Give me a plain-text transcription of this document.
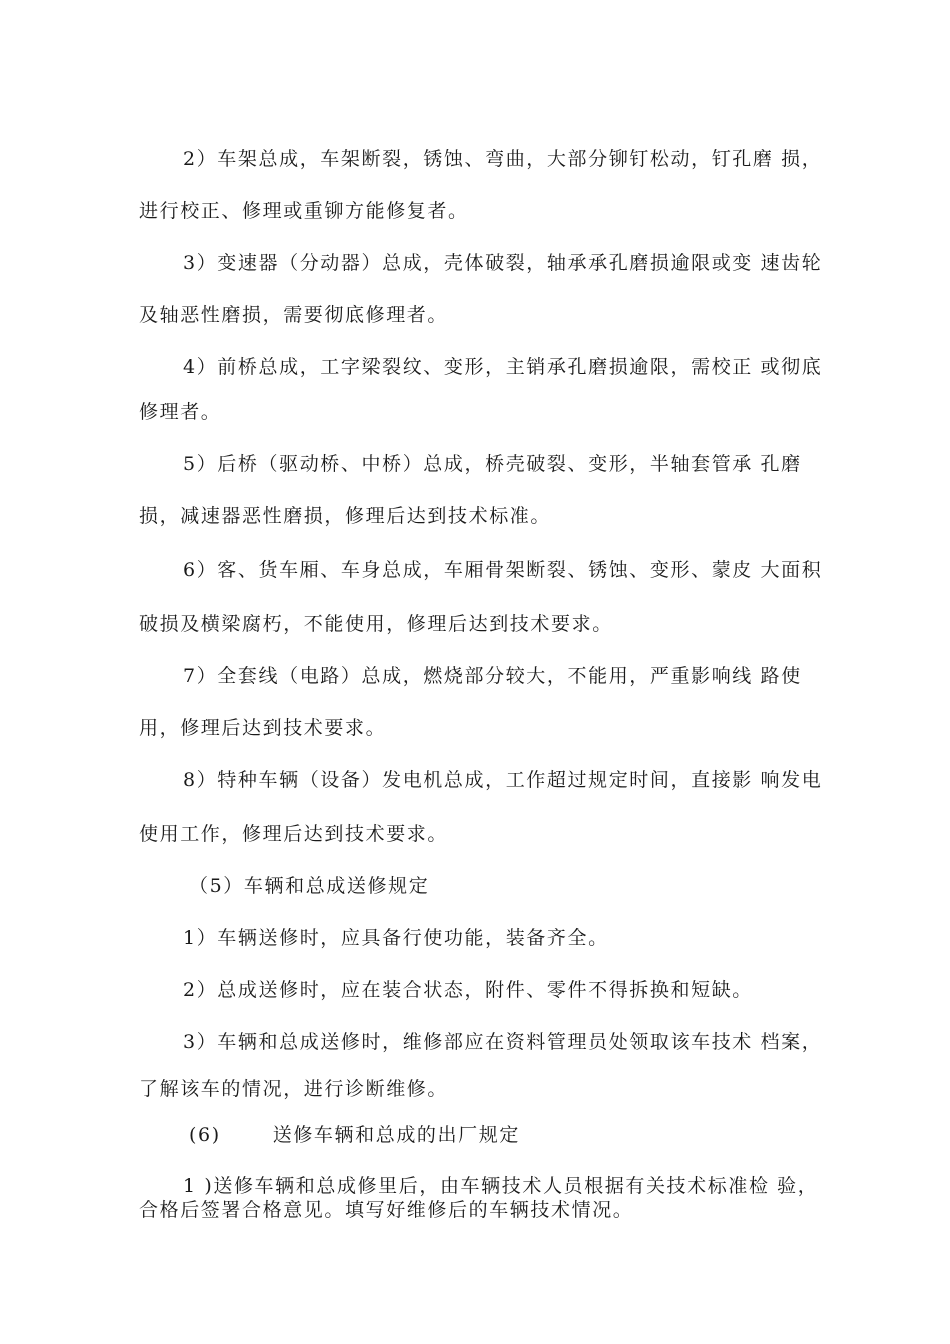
2）车架总成，车架断裂，锈蚀、弯曲，大部分铆钉松动，钉孔磨 损，

进行校正、修理或重铆方能修复者。

3）变速器（分动器）总成，壳体破裂，轴承承孔磨损逾限或变 速齿轮

及轴恶性磨损，需要彻底修理者。

4）前桥总成，工字梁裂纹、变形，主销承孔磨损逾限，需校正 或彻底

修理者。

5）后桥（驱动桥、中桥）总成，桥壳破裂、变形，半轴套管承 孔磨

损，减速器恶性磨损，修理后达到技术标准。

6）客、货车厢、车身总成，车厢骨架断裂、锈蚀、变形、蒙皮 大面积

破损及横梁腐朽，不能使用，修理后达到技术要求。

7）全套线（电路）总成，燃烧部分较大，不能用，严重影响线 路使

用，修理后达到技术要求。

8）特种车辆（设备）发电机总成，工作超过规定时间，直接影 响发电

使用工作，修理后达到技术要求。

（5）车辆和总成送修规定

1）车辆送修时，应具备行使功能，装备齐全。

2）总成送修时，应在装合状态，附件、零件不得拆换和短缺。

3）车辆和总成送修时，维修部应在资料管理员处领取该车技术 档案，

了解该车的情况，进行诊断维修。

(6)	送修车辆和总成的出厂规定

1 )送修车辆和总成修里后，由车辆技术人员根据有关技术标准检 验，

合格后签署合格意见。填写好维修后的车辆技术情况。
